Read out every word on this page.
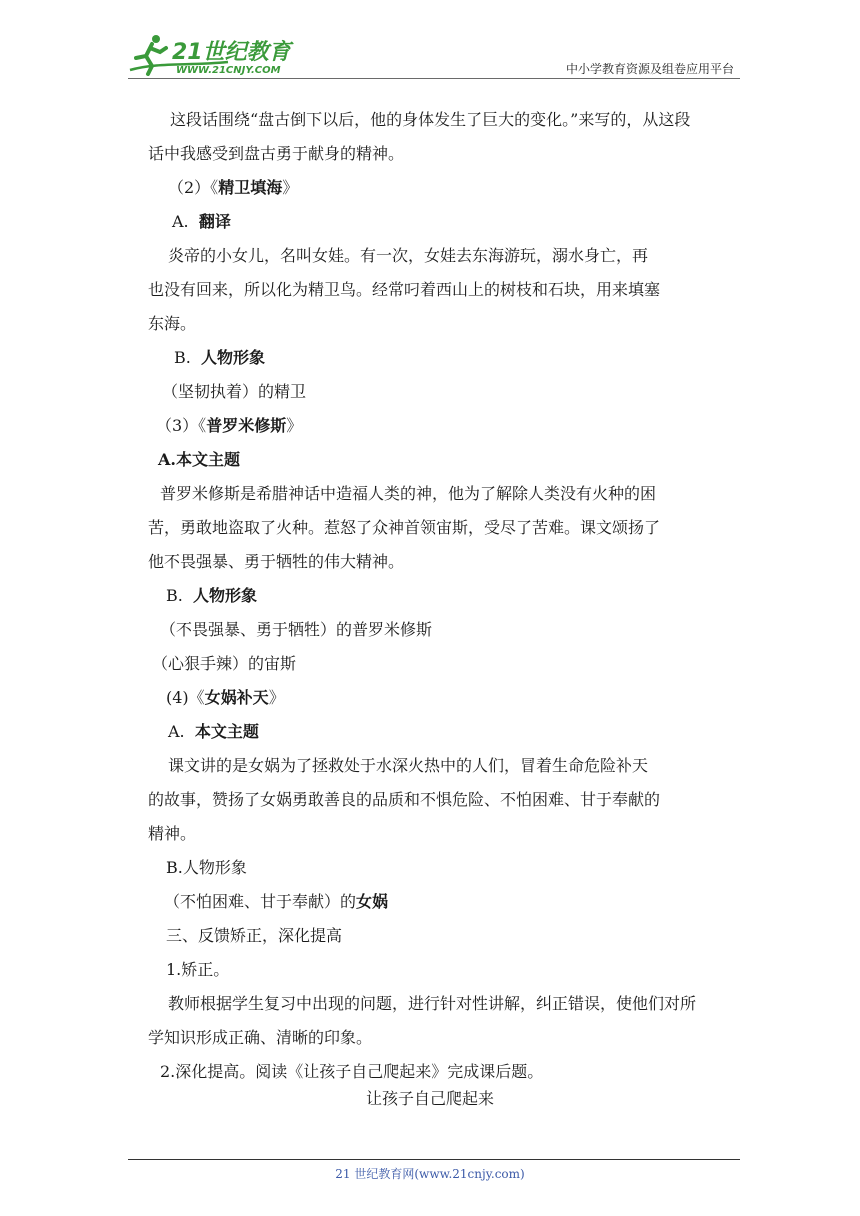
21世纪教育
WWW.21CNJY.COM	中小学教育资源及组卷应用平台
这段话围绕“盘古倒下以后，他的身体发生了巨大的变化。”来写的，从这段
话中我感受到盘古勇于献身的精神。
（2）《精卫填海》
A. 翻译
炎帝的小女儿，名叫女娃。有一次，女娃去东海游玩，溺水身亡，再
也没有回来，所以化为精卫鸟。经常叼着西山上的树枝和石块，用来填塞
东海。
B. 人物形象
（坚韧执着）的精卫
（3）《普罗米修斯》
A.本文主题
普罗米修斯是希腊神话中造福人类的神，他为了解除人类没有火种的困
苦，勇敢地盗取了火种。惹怒了众神首领宙斯，受尽了苦难。课文颂扬了
他不畏强暴、勇于牺牲的伟大精神。
B. 人物形象
（不畏强暴、勇于牺牲）的普罗米修斯
（心狠手辣）的宙斯
(4)《女娲补天》
A. 本文主题
课文讲的是女娲为了拯救处于水深火热中的人们，冒着生命危险补天
的故事，赞扬了女娲勇敢善良的品质和不惧危险、不怕困难、甘于奉献的
精神。
B.人物形象
（不怕困难、甘于奉献）的女娲
三、反馈矫正，深化提高
1.矫正。
教师根据学生复习中出现的问题，进行针对性讲解，纠正错误，使他们对所
学知识形成正确、清晰的印象。
2.深化提高。阅读《让孩子自己爬起来》完成课后题。
让孩子自己爬起来
21 世纪教育网(www.21cnjy.com)
